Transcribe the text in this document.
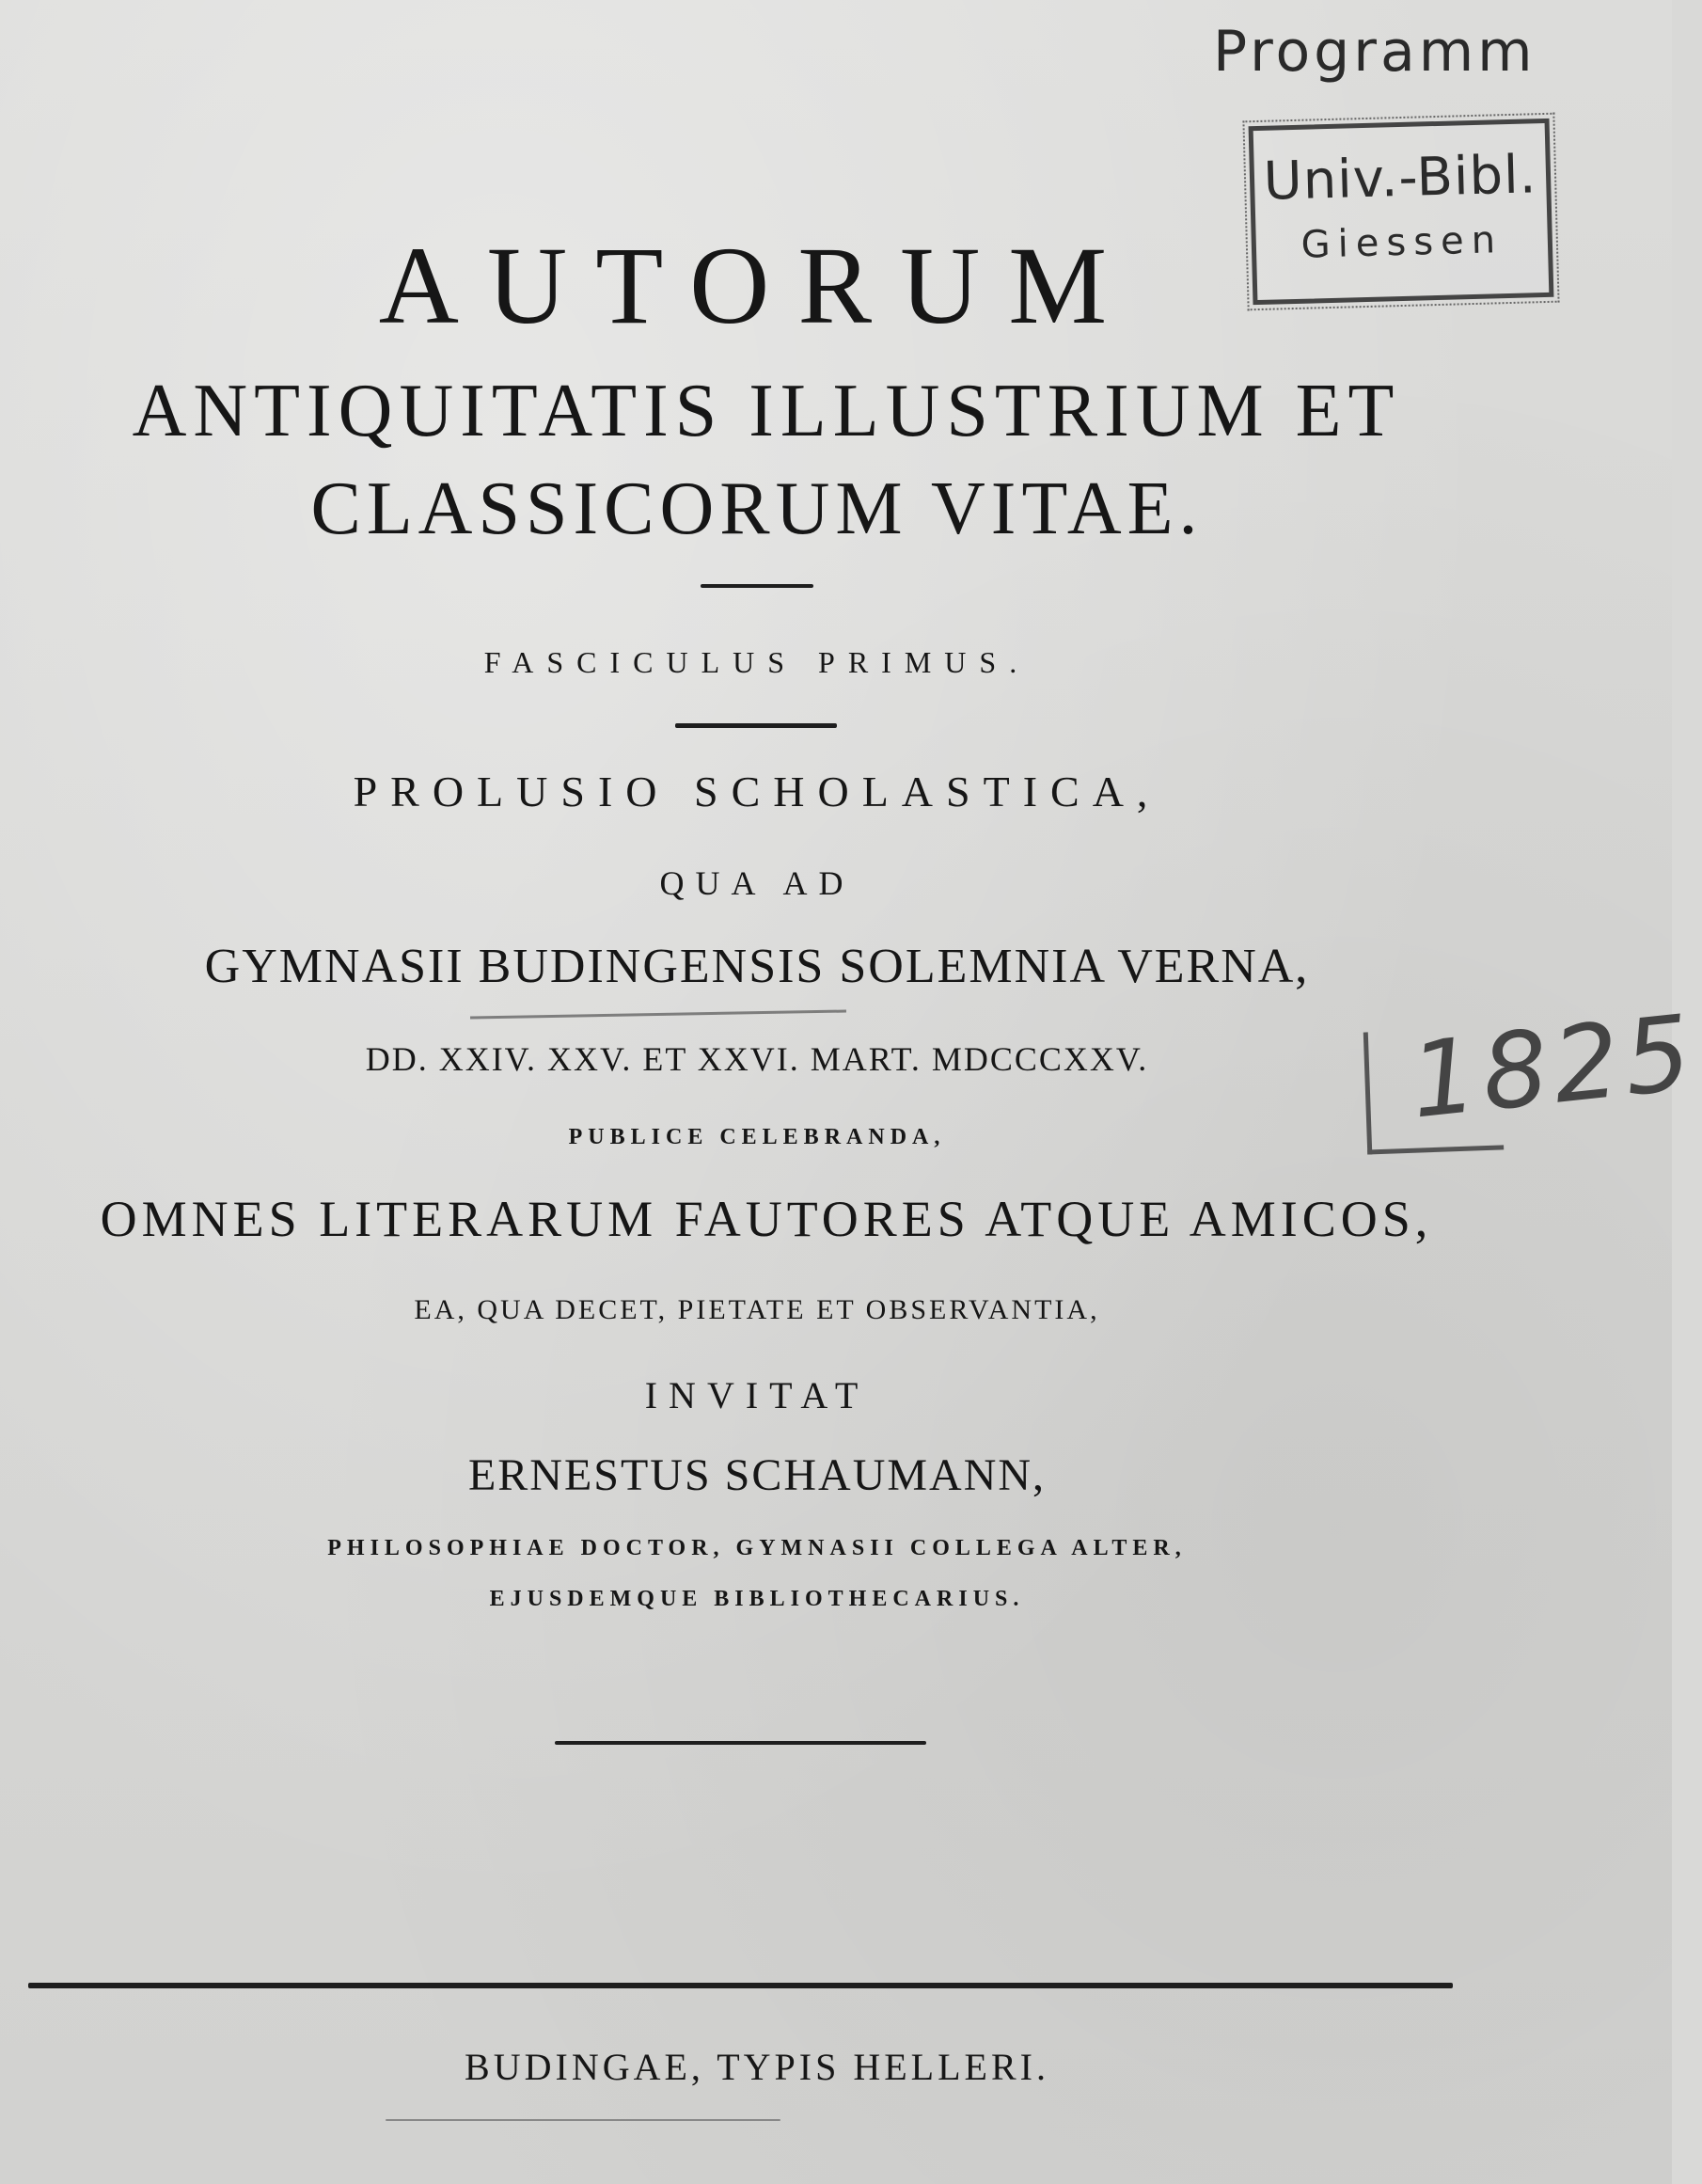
Programm
Univ.-Bibl.
Giessen
AUTORUM
ANTIQUITATIS ILLUSTRIUM ET
CLASSICORUM VITAE.
FASCICULUS PRIMUS.
PROLUSIO SCHOLASTICA,
QUA AD
GYMNASII BUDINGENSIS SOLEMNIA VERNA,
DD. XXIV. XXV. ET XXVI. MART. MDCCCXXV.	1825
PUBLICE CELEBRANDA,
OMNES LITERARUM FAUTORES ATQUE AMICOS,
EA, QUA DECET, PIETATE ET OBSERVANTIA,
INVITAT
ERNESTUS SCHAUMANN,
PHILOSOPHIAE DOCTOR, GYMNASII COLLEGA ALTER,
EJUSDEMQUE BIBLIOTHECARIUS.
BUDINGAE, TYPIS HELLERI.
